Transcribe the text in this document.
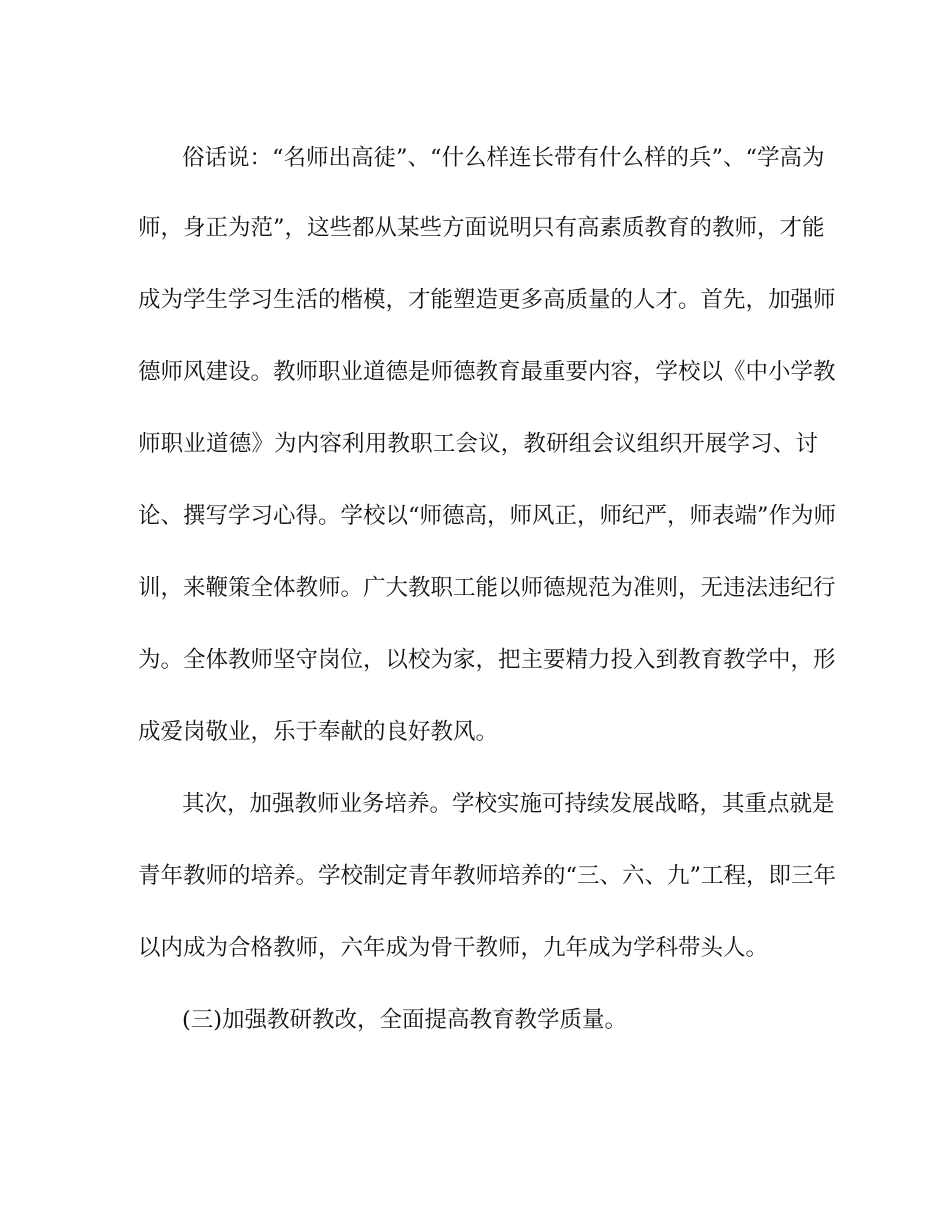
俗话说：“名师出高徒”、“什么样连长带有什么样的兵”、“学高为
师，身正为范”，这些都从某些方面说明只有高素质教育的教师，才能
成为学生学习生活的楷模，才能塑造更多高质量的人才。首先，加强师
德师风建设。教师职业道德是师德教育最重要内容，学校以《中小学教
师职业道德》为内容利用教职工会议，教研组会议组织开展学习、讨
论、撰写学习心得。学校以“师德高，师风正，师纪严，师表端”作为师
训，来鞭策全体教师。广大教职工能以师德规范为准则，无违法违纪行
为。全体教师坚守岗位，以校为家，把主要精力投入到教育教学中，形
成爱岗敬业，乐于奉献的良好教风。
其次，加强教师业务培养。学校实施可持续发展战略，其重点就是
青年教师的培养。学校制定青年教师培养的“三、六、九”工程，即三年
以内成为合格教师，六年成为骨干教师，九年成为学科带头人。
(三)加强教研教改，全面提高教育教学质量。
